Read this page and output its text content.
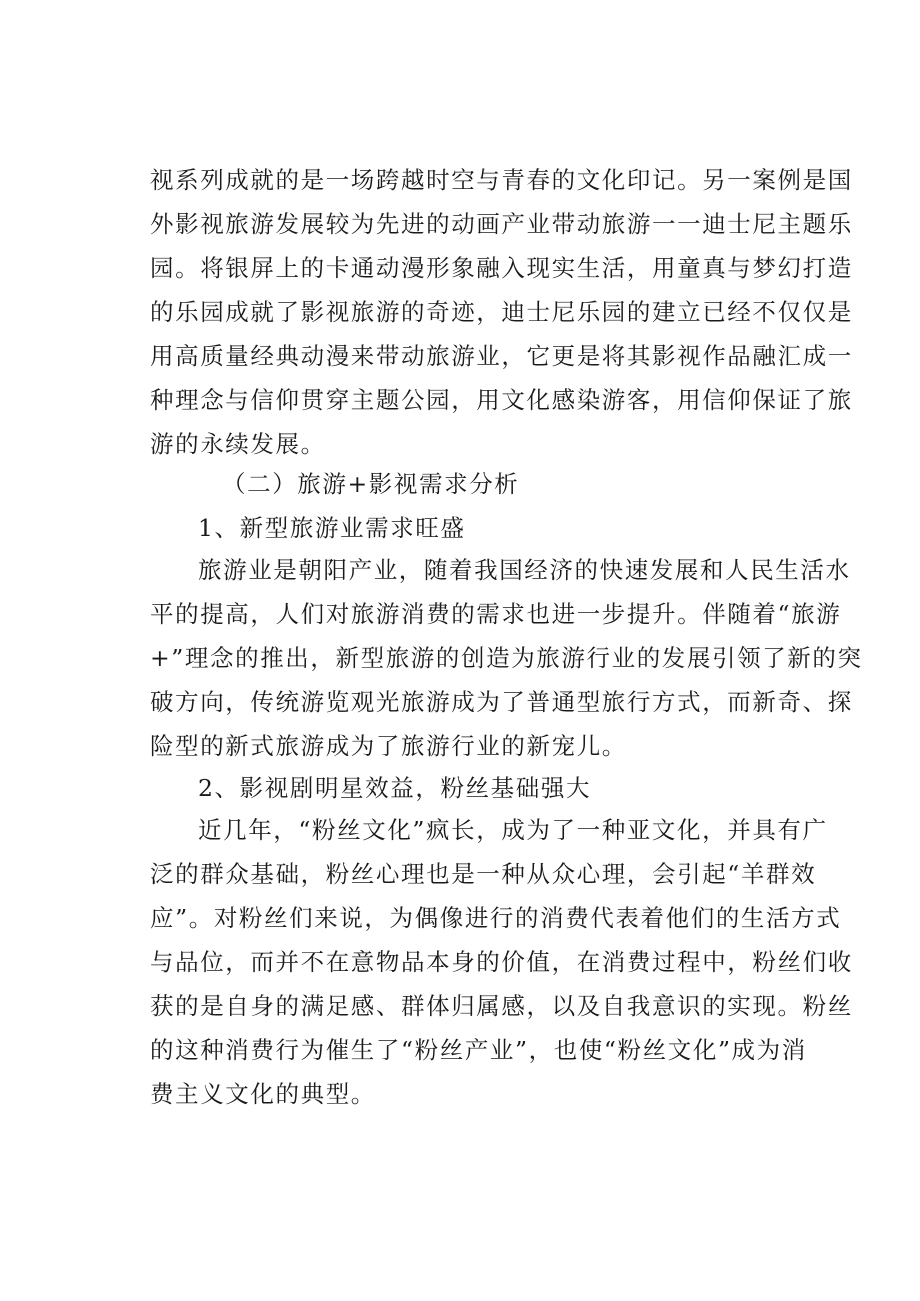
视系列成就的是一场跨越时空与青春的文化印记。另一案例是国
外影视旅游发展较为先进的动画产业带动旅游一一迪士尼主题乐
园。将银屏上的卡通动漫形象融入现实生活，用童真与梦幻打造
的乐园成就了影视旅游的奇迹，迪士尼乐园的建立已经不仅仅是
用高质量经典动漫来带动旅游业，它更是将其影视作品融汇成一
种理念与信仰贯穿主题公园，用文化感染游客，用信仰保证了旅
游的永续发展。
（二）旅游+影视需求分析
1、新型旅游业需求旺盛
旅游业是朝阳产业，随着我国经济的快速发展和人民生活水
平的提高，人们对旅游消费的需求也进一步提升。伴随着“旅游
+”理念的推出，新型旅游的创造为旅游行业的发展引领了新的突
破方向，传统游览观光旅游成为了普通型旅行方式，而新奇、探
险型的新式旅游成为了旅游行业的新宠儿。
2、影视剧明星效益，粉丝基础强大
近几年，“粉丝文化”疯长，成为了一种亚文化，并具有广
泛的群众基础，粉丝心理也是一种从众心理，会引起“羊群效
应”。对粉丝们来说，为偶像进行的消费代表着他们的生活方式
与品位，而并不在意物品本身的价值，在消费过程中，粉丝们收
获的是自身的满足感、群体归属感，以及自我意识的实现。粉丝
的这种消费行为催生了“粉丝产业”，也使“粉丝文化”成为消
费主义文化的典型。
